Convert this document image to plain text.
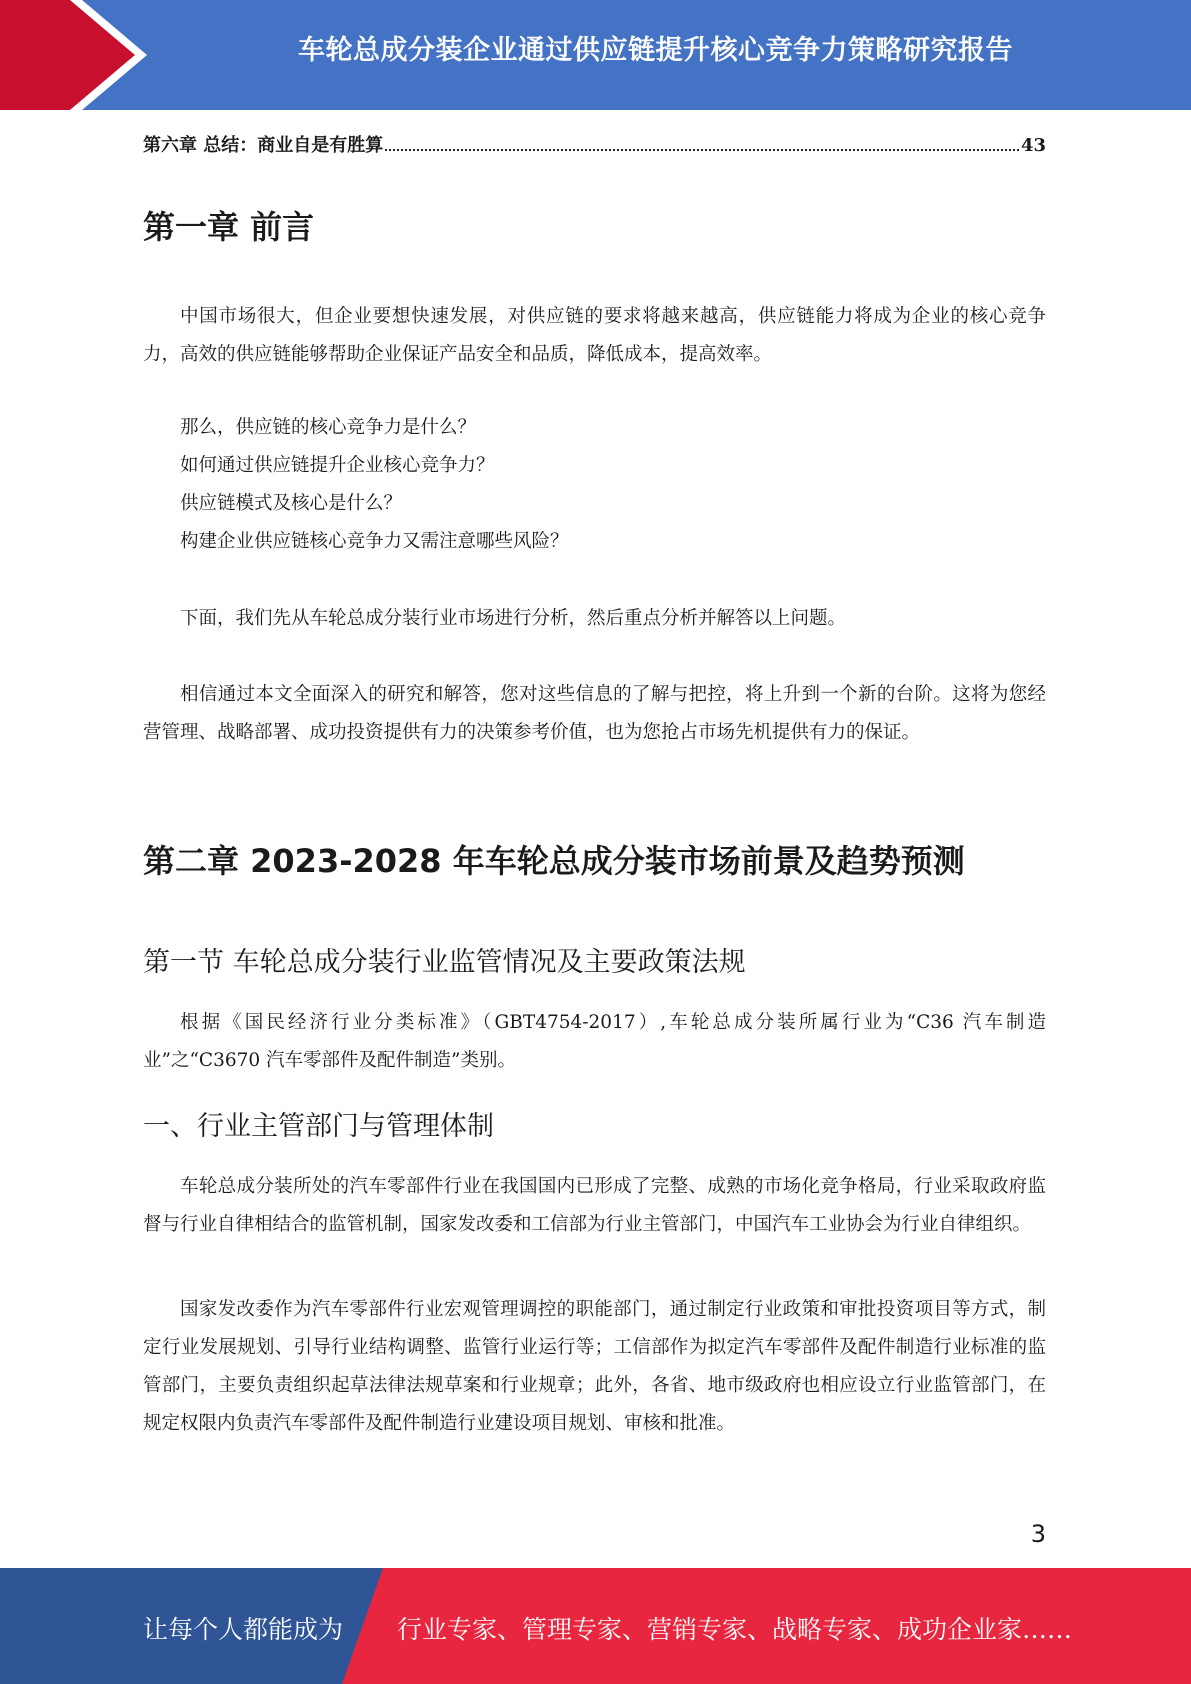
车轮总成分装企业通过供应链提升核心竞争力策略研究报告
第六章 总结：商业自是有胜算	43
第一章 前言

中国市场很大，但企业要想快速发展，对供应链的要求将越来越高，供应链能力将成为企业的核心竞争力，高效的供应链能够帮助企业保证产品安全和品质，降低成本，提高效率。

那么，供应链的核心竞争力是什么？
如何通过供应链提升企业核心竞争力？
供应链模式及核心是什么？
构建企业供应链核心竞争力又需注意哪些风险？

下面，我们先从车轮总成分装行业市场进行分析，然后重点分析并解答以上问题。

相信通过本文全面深入的研究和解答，您对这些信息的了解与把控，将上升到一个新的台阶。这将为您经营管理、战略部署、成功投资提供有力的决策参考价值，也为您抢占市场先机提供有力的保证。

第二章 2023-2028 年车轮总成分装市场前景及趋势预测
第一节 车轮总成分装行业监管情况及主要政策法规

根据《国民经济行业分类标准》（GBT4754-2017）,车轮总成分装所属行业为“C36 汽车制造业”之“C3670 汽车零部件及配件制造”类别。

一、行业主管部门与管理体制

车轮总成分装所处的汽车零部件行业在我国国内已形成了完整、成熟的市场化竞争格局，行业采取政府监督与行业自律相结合的监管机制，国家发改委和工信部为行业主管部门，中国汽车工业协会为行业自律组织。

国家发改委作为汽车零部件行业宏观管理调控的职能部门，通过制定行业政策和审批投资项目等方式，制定行业发展规划、引导行业结构调整、监管行业运行等；工信部作为拟定汽车零部件及配件制造行业标准的监管部门，主要负责组织起草法律法规草案和行业规章；此外，各省、地市级政府也相应设立行业监管部门，在规定权限内负责汽车零部件及配件制造行业建设项目规划、审核和批准。

3
让每个人都能成为 行业专家、管理专家、营销专家、战略专家、成功企业家……
